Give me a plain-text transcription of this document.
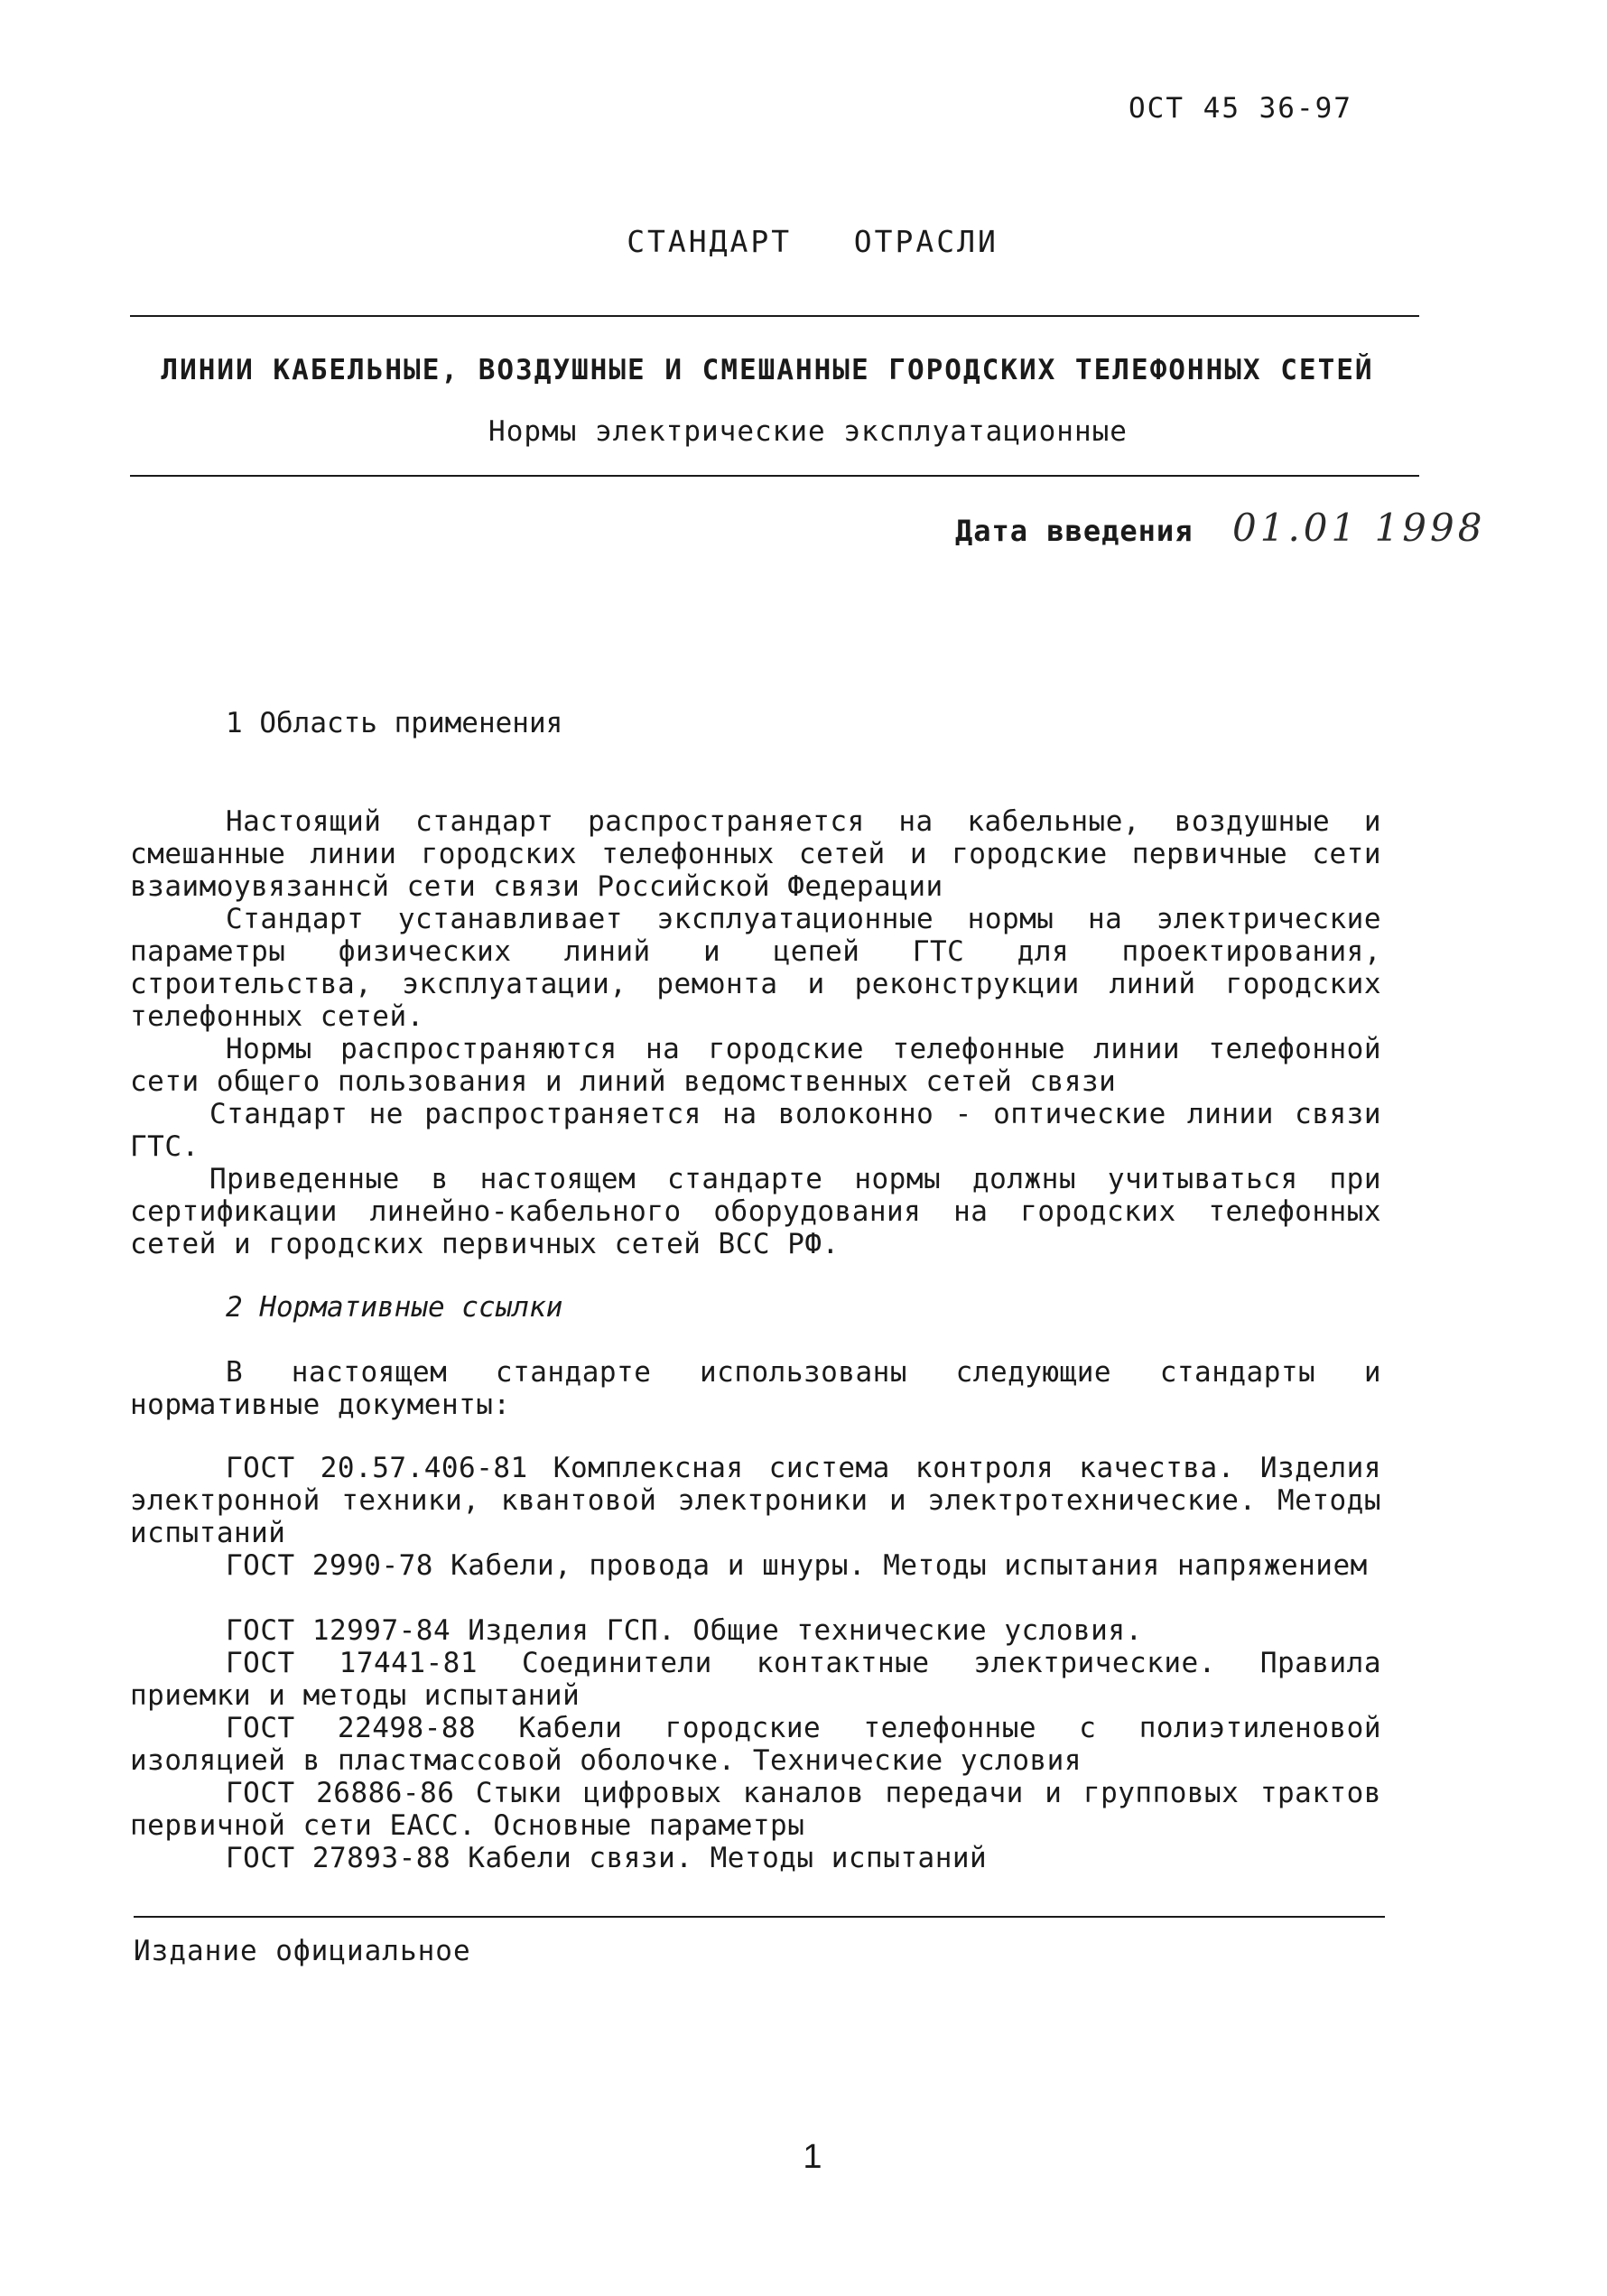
ОСТ 45 36-97
СТАНДАРТ   ОТРАСЛИ
ЛИНИИ КАБЕЛЬНЫЕ, ВОЗДУШНЫЕ И СМЕШАННЫЕ ГОРОДСКИХ ТЕЛЕФОННЫХ СЕТЕЙ
Нормы электрические эксплуатационные
Дата введения 01.01 1998
1 Область применения
Настоящий стандарт распространяется на кабельные, воздушные и смешанные линии городских телефонных сетей и городские первичные сети взаимоувязаннсй сети связи Российской Федерации
Стандарт устанавливает эксплуатационные нормы на электрические параметры физических линий и цепей ГТС для проектирования, строительства, эксплуатации, ремонта и реконструкции линий городских телефонных сетей.
Нормы распространяются на городские телефонные линии телефонной сети общего пользования и линий ведомственных сетей связи
Стандарт не распространяется на волоконно - оптические линии связи ГТС.
Приведенные в настоящем стандарте нормы должны учитываться при сертификации линейно-кабельного оборудования на городских телефонных сетей и городских первичных сетей ВСС РФ.
2 Нормативные ссылки
В настоящем стандарте использованы следующие стандарты и нормативные документы:
ГОСТ 20.57.406-81 Комплексная система контроля качества. Изделия электронной техники, квантовой электроники и электротехнические. Методы испытаний
ГОСТ 2990-78 Кабели, провода и шнуры. Методы испытания напряжением
ГОСТ 12997-84 Изделия ГСП. Общие технические условия.
ГОСТ 17441-81 Соединители контактные электрические. Правила приемки и методы испытаний
ГОСТ 22498-88 Кабели городские телефонные с полиэтиленовой изоляцией в пластмассовой оболочке. Технические условия
ГОСТ 26886-86 Стыки цифровых каналов передачи и групповых трактов первичной сети ЕАСС. Основные параметры
ГОСТ 27893-88 Кабели связи. Методы испытаний
Издание официальное
1
